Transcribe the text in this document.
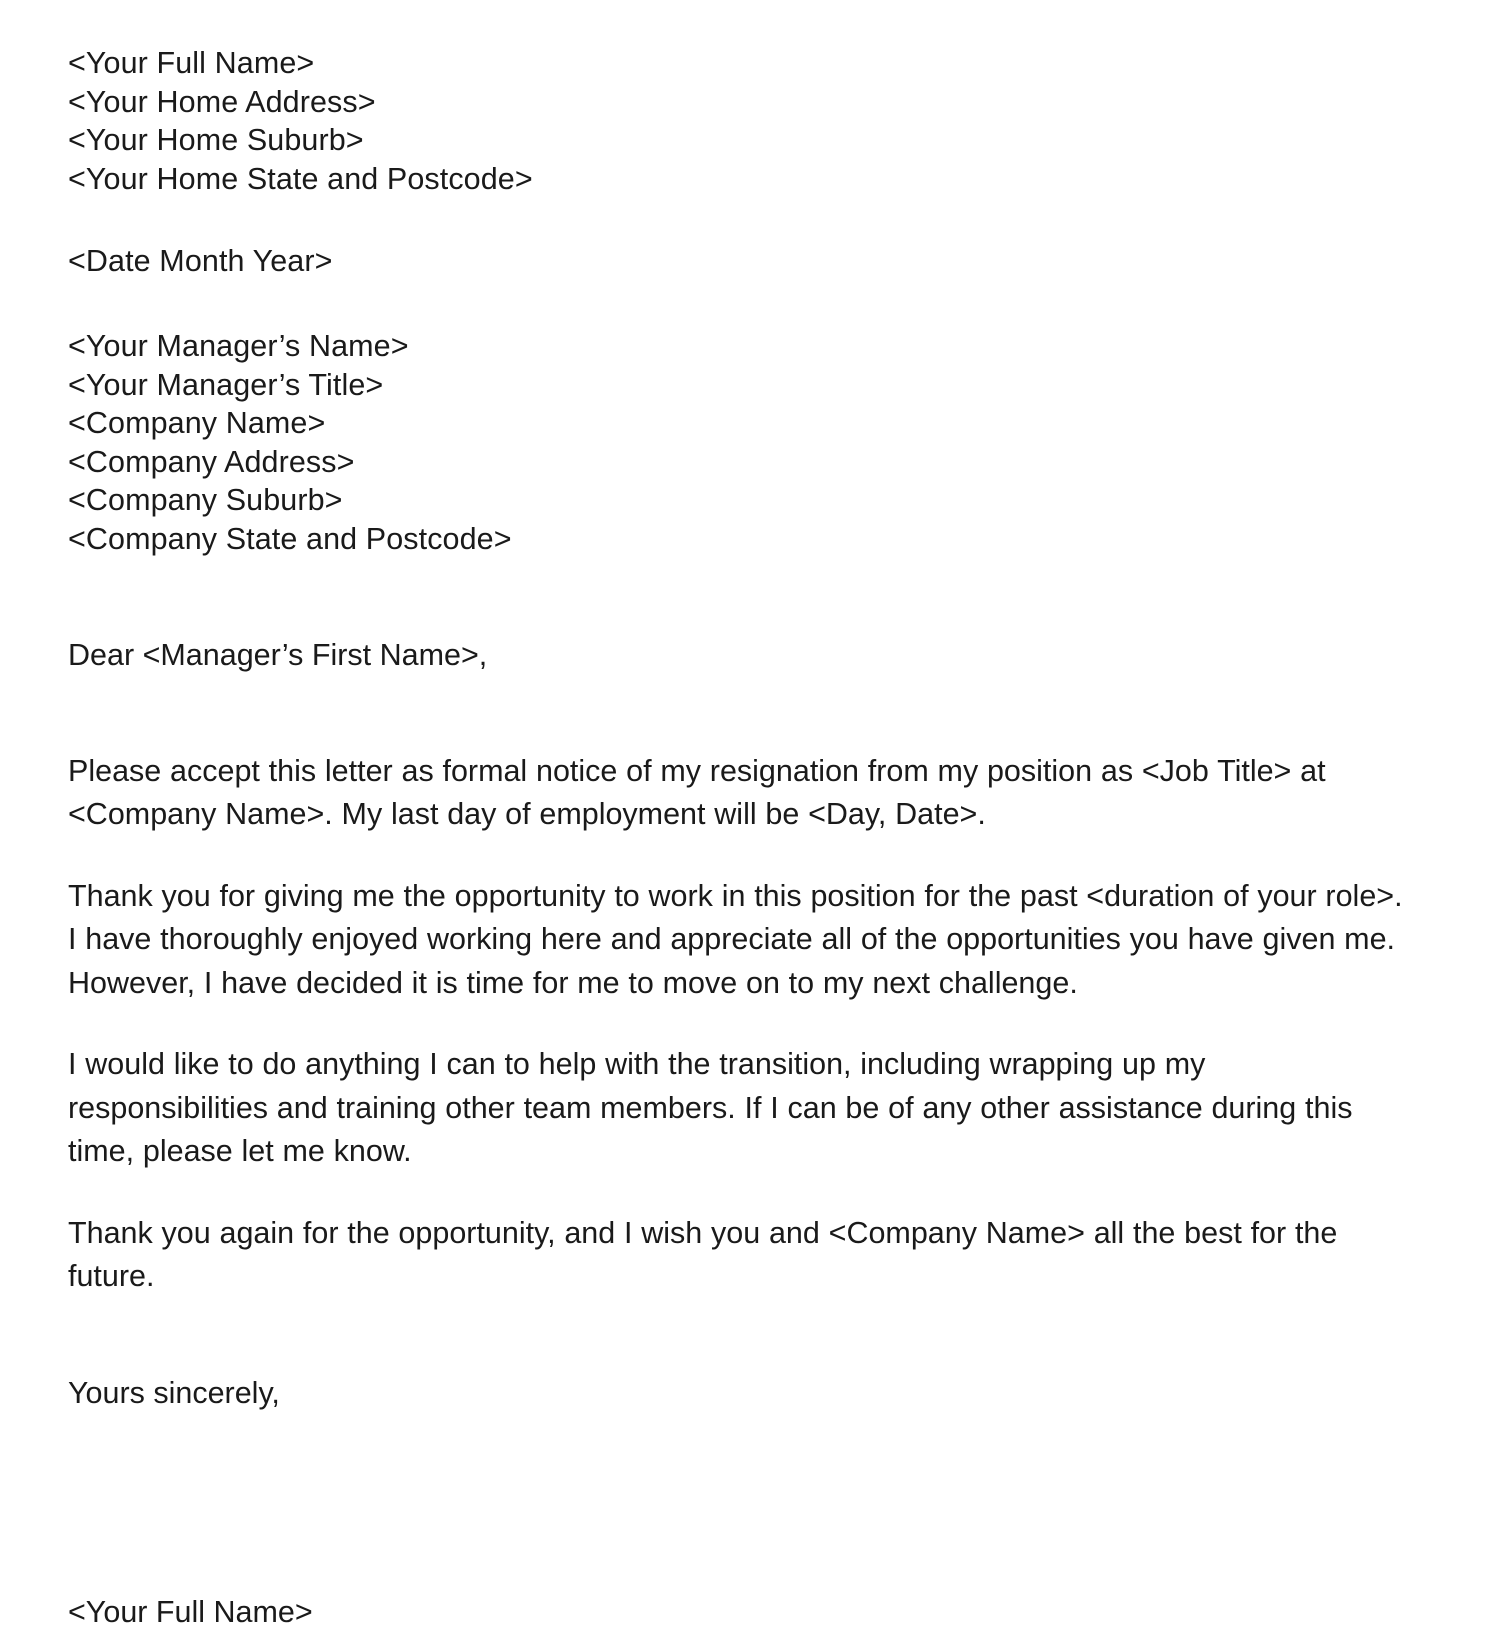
<Your Full Name>
<Your Home Address>
<Your Home Suburb>
<Your Home State and Postcode>
<Date Month Year>
<Your Manager’s Name>
<Your Manager’s Title>
<Company Name>
<Company Address>
<Company Suburb>
<Company State and Postcode>

Dear <Manager’s First Name>,

Please accept this letter as formal notice of my resignation from my position as <Job Title> at <Company Name>. My last day of employment will be <Day, Date>.

Thank you for giving me the opportunity to work in this position for the past <duration of your role>. I have thoroughly enjoyed working here and appreciate all of the opportunities you have given me. However, I have decided it is time for me to move on to my next challenge.

I would like to do anything I can to help with the transition, including wrapping up my responsibilities and training other team members. If I can be of any other assistance during this time, please let me know.

Thank you again for the opportunity, and I wish you and <Company Name> all the best for the future.

Yours sincerely,

<Your Full Name>
